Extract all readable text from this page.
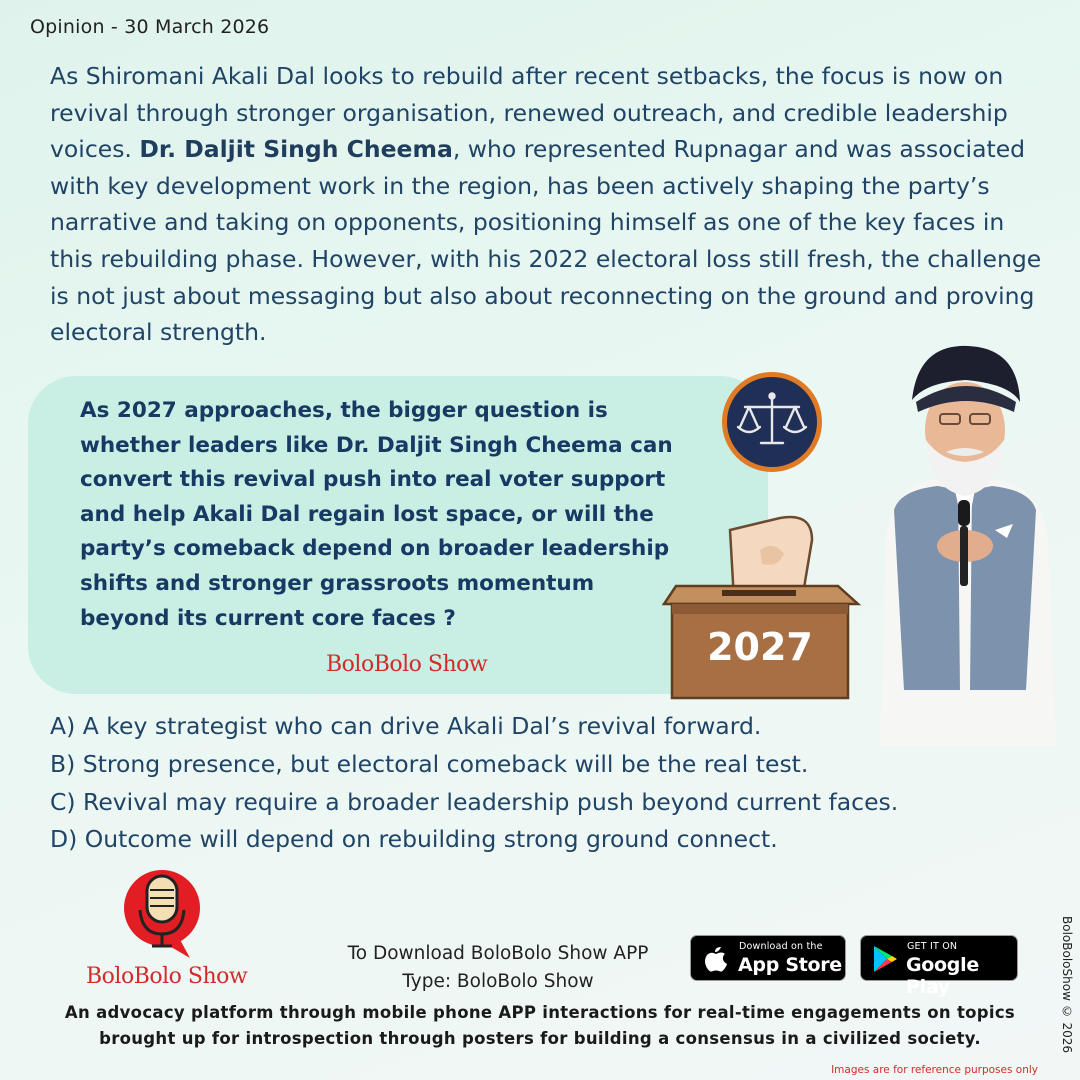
Opinion - 30 March 2026
As Shiromani Akali Dal looks to rebuild after recent setbacks, the focus is now on revival through stronger organisation, renewed outreach, and credible leadership voices. Dr. Daljit Singh Cheema, who represented Rupnagar and was associated with key development work in the region, has been actively shaping the party’s narrative and taking on opponents, positioning himself as one of the key faces in this rebuilding phase. However, with his 2022 electoral loss still fresh, the challenge is not just about messaging but also about reconnecting on the ground and proving electoral strength.
As 2027 approaches, the bigger question is whether leaders like Dr. Daljit Singh Cheema can convert this revival push into real voter support and help Akali Dal regain lost space, or will the party’s comeback depend on broader leadership shifts and stronger grassroots momentum beyond its current core faces ?
BoloBolo Show	2027
A) A key strategist who can drive Akali Dal’s revival forward.
B) Strong presence, but electoral comeback will be the real test.
C) Revival may require a broader leadership push beyond current faces.
D) Outcome will depend on rebuilding strong ground connect.
BoloBolo Show
To Download BoloBolo Show APP
Type: BoloBolo Show
Download on the
App Store
GET IT ON
Google Play
An advocacy platform through mobile phone APP interactions for real-time engagements on topics
brought up for introspection through posters for building a consensus in a civilized society.	BoloBoloShow © 2026
Images are for reference purposes only
